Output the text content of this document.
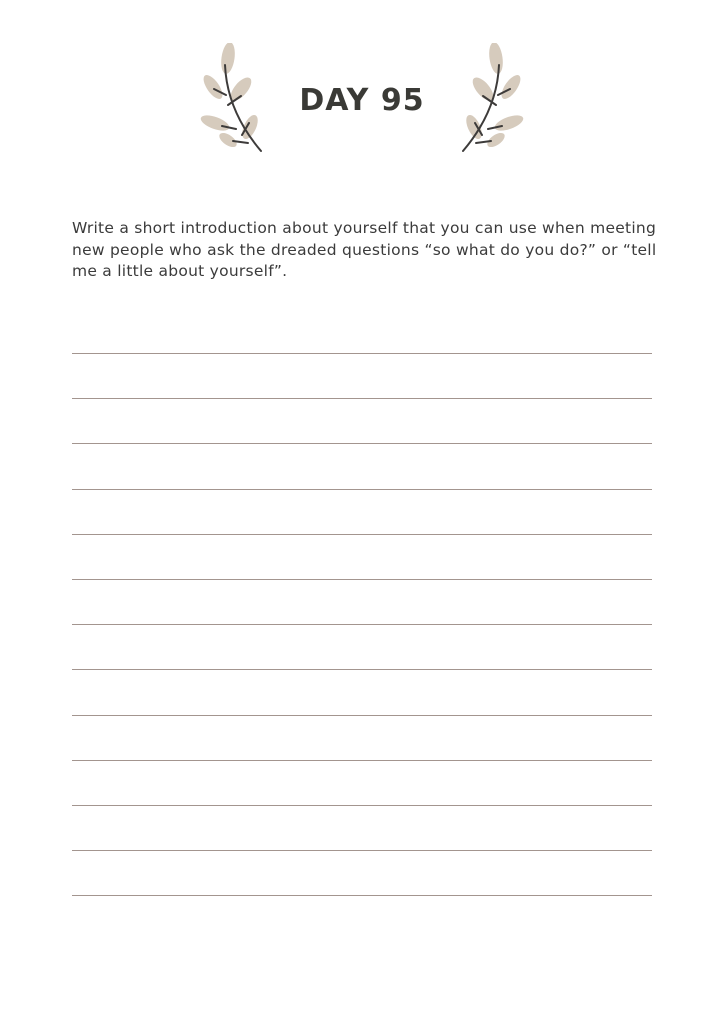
DAY 95
Write a short introduction about yourself that you can use when meeting new people who ask the dreaded questions “so what do you do?” or “tell me a little about yourself”.
